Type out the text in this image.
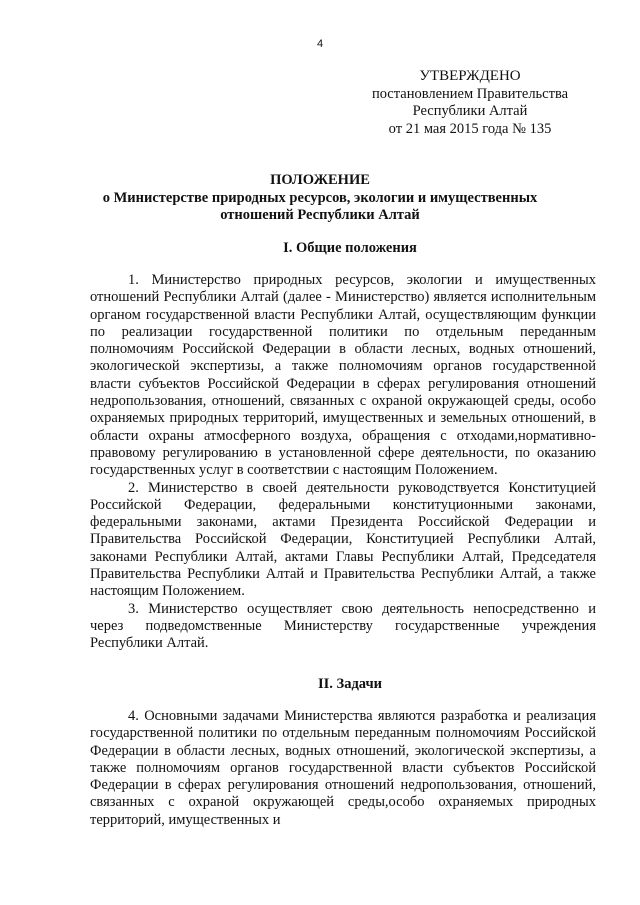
4
УТВЕРЖДЕНО
постановлением Правительства
Республики Алтай
от 21 мая 2015 года № 135
ПОЛОЖЕНИЕ
о Министерстве природных ресурсов, экологии и имущественных
отношений Республики Алтай
I. Общие положения

1. Министерство природных ресурсов, экологии и имущественных отношений Республики Алтай (далее - Министерство) является исполнительным органом государственной власти Республики Алтай, осуществляющим функции по реализации государственной политики по отдельным переданным полномочиям Российской Федерации в области лесных, водных отношений, экологической экспертизы, а также полномочиям органов государственной власти субъектов Российской Федерации в сферах регулирования отношений недропользования, отношений, связанных с охраной окружающей среды, особо охраняемых природных территорий, имущественных и земельных отношений, в области охраны атмосферного воздуха, обращения с отходами,нормативно-правовому регулированию в установленной сфере деятельности, по оказанию государственных услуг в соответствии с настоящим Положением.

2. Министерство в своей деятельности руководствуется Конституцией Российской Федерации, федеральными конституционными законами, федеральными законами, актами Президента Российской Федерации и Правительства Российской Федерации, Конституцией Республики Алтай, законами Республики Алтай, актами Главы Республики Алтай, Председателя Правительства Республики Алтай и Правительства Республики Алтай, а также настоящим Положением.

3. Министерство осуществляет свою деятельность непосредственно и через подведомственные Министерству государственные учреждения Республики Алтай.

II. Задачи

4. Основными задачами Министерства являются разработка и реализация государственной политики по отдельным переданным полномочиям Российской Федерации в области лесных, водных отношений, экологической экспертизы, а также полномочиям органов государственной власти субъектов Российской Федерации в сферах регулирования отношений недропользования, отношений, связанных с охраной окружающей среды,особо охраняемых природных территорий, имущественных и
